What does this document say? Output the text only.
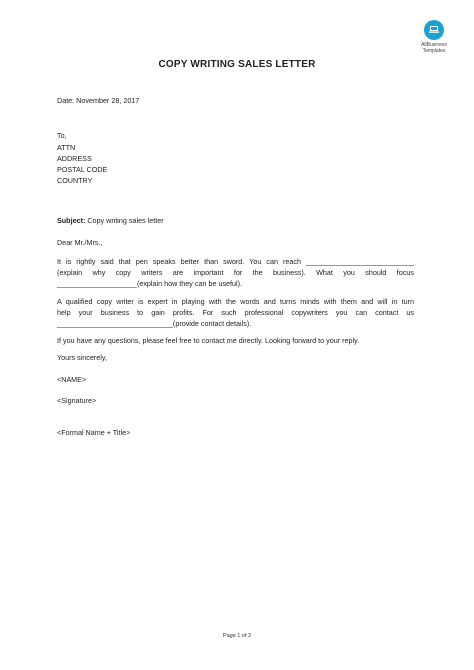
AllBusiness
Templates
COPY WRITING SALES LETTER
Date: November 28, 2017
To,
ATTN
ADDRESS
POSTAL CODE
COUNTRY
Subject: Copy writing sales letter
Dear Mr./Mrs.,
It is rightly said that pen speaks better than sword. You can reach ___________________________
(explain why copy writers are important for the business). What you should focus
____________________(explain how they can be useful).
A qualified copy writer is expert in playing with the words and turns minds with them and will in turn
help your business to gain profits. For such professional copywriters you can contact us
_____________________________(provide contact details).
If you have any questions, please feel free to contact me directly. Looking forward to your reply.
Yours sincerely,
<NAME>
<Signature>
<Formal Name + Title>
Page 1 of 2
